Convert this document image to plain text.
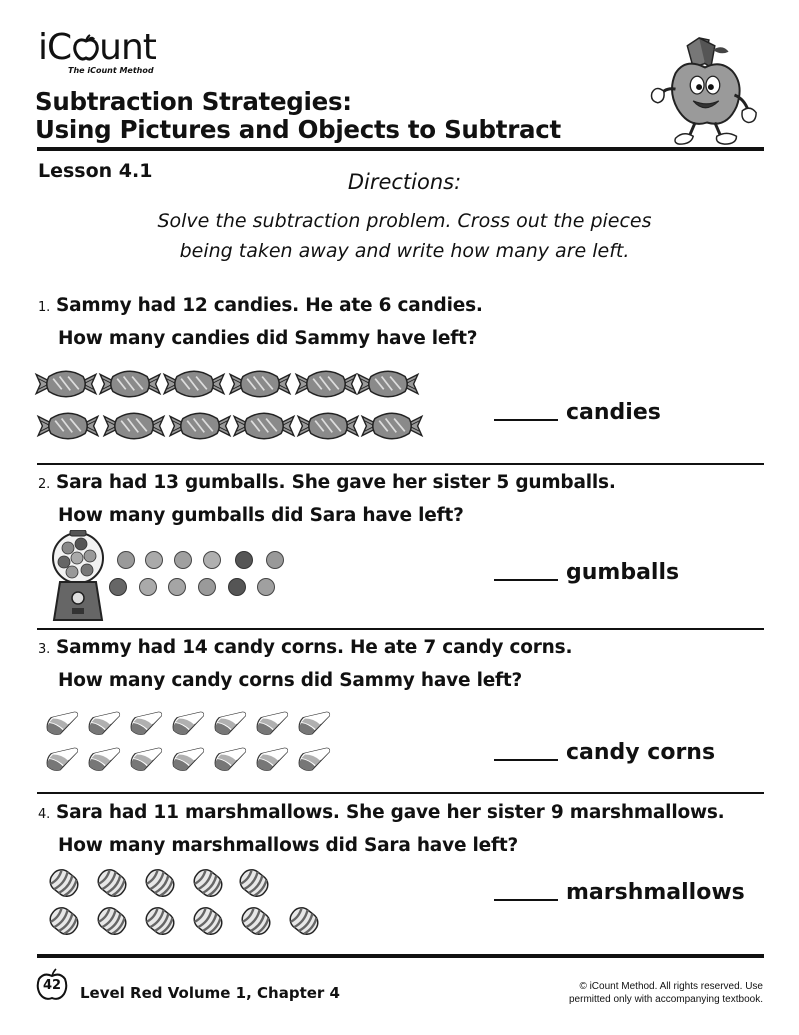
iC unt
The iCount Method
Subtraction Strategies:
Using Pictures and Objects to Subtract
Lesson 4.1	Directions:
Solve the subtraction problem. Cross out the pieces
being taken away and write how many are left.
1. Sammy had 12 candies. He ate 6 candies.
How many candies did Sammy have left?
candies
2. Sara had 13 gumballs. She gave her sister 5 gumballs.
How many gumballs did Sara have left?
gumballs
3. Sammy had 14 candy corns. He ate 7 candy corns.
How many candy corns did Sammy have left?
candy corns
4. Sara had 11 marshmallows. She gave her sister 9 marshmallows.
How many marshmallows did Sara have left?
marshmallows
42	Level Red Volume 1, Chapter 4	© iCount Method. All rights reserved. Use
permitted only with accompanying textbook.
